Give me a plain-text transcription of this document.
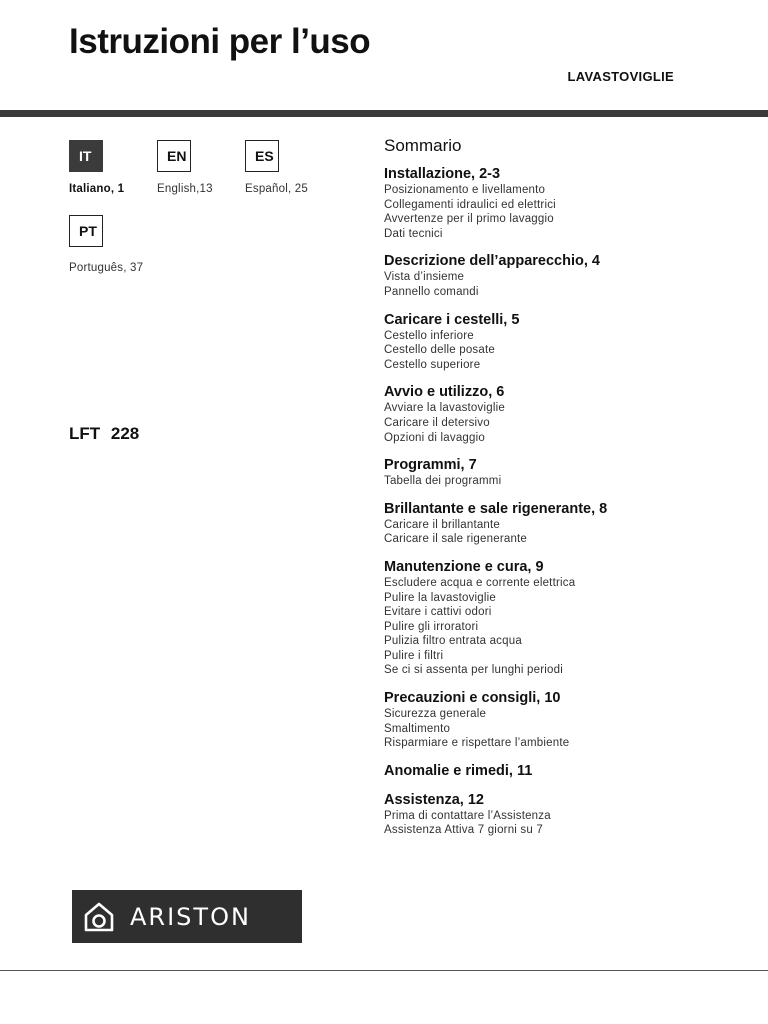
Istruzioni per l’uso
LAVASTOVIGLIE
IT
Italiano, 1
EN
English,13
ES
Español, 25
PT
Português, 37
LFT 228
Sommario
Installazione, 2-3
Posizionamento e livellamento
Collegamenti idraulici ed elettrici
Avvertenze per il primo lavaggio
Dati tecnici
Descrizione dell’apparecchio, 4
Vista d’insieme
Pannello comandi
Caricare i cestelli, 5
Cestello inferiore
Cestello delle posate
Cestello superiore
Avvio e utilizzo, 6
Avviare la lavastoviglie
Caricare il detersivo
Opzioni di lavaggio
Programmi, 7
Tabella dei programmi
Brillantante e sale rigenerante, 8
Caricare il brillantante
Caricare il sale rigenerante
Manutenzione e cura, 9
Escludere acqua e corrente elettrica
Pulire la lavastoviglie
Evitare i cattivi odori
Pulire gli irroratori
Pulizia filtro entrata acqua
Pulire i filtri
Se ci si assenta per lunghi periodi
Precauzioni e consigli, 10
Sicurezza generale
Smaltimento
Risparmiare e rispettare l’ambiente
Anomalie e rimedi, 11
Assistenza, 12
Prima di contattare l’Assistenza
Assistenza Attiva 7 giorni su 7
ARISTON
